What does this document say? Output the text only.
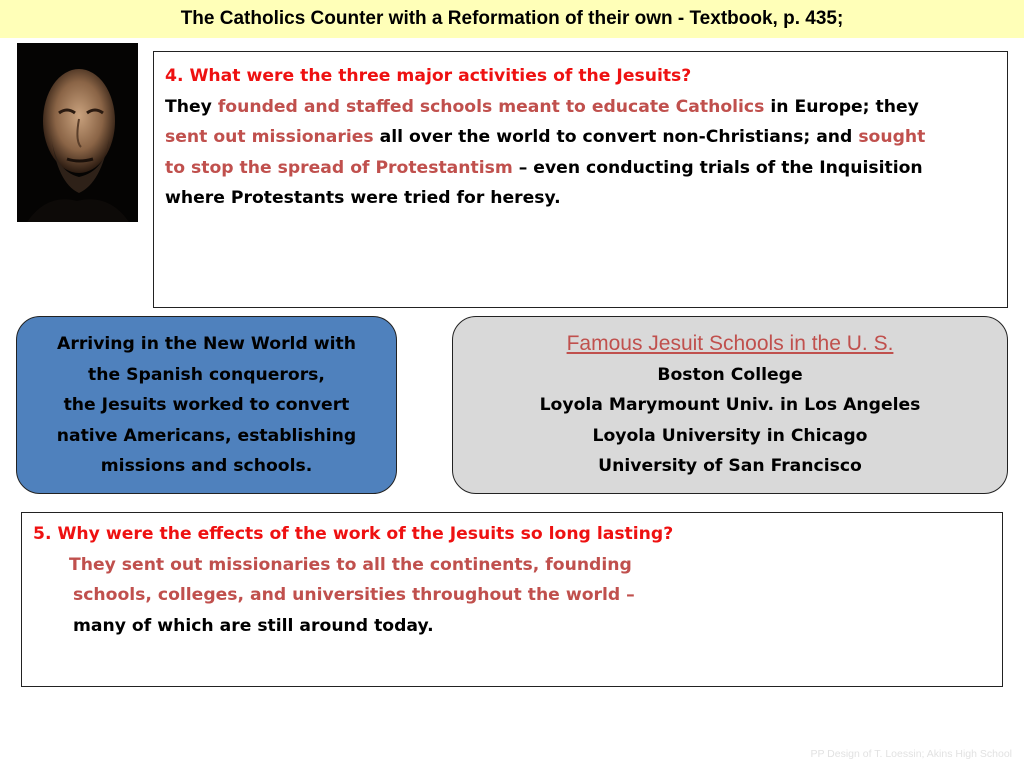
The Catholics Counter with a Reformation of their own - Textbook, p. 435;
4. What were the three major activities of the Jesuits?
They founded and staffed schools meant to educate Catholics in Europe; they
sent out missionaries all over the world to convert non-Christians; and sought
to stop the spread of Protestantism – even conducting trials of the Inquisition
where Protestants were tried for heresy.
Arriving in the New World with
the Spanish conquerors,
the Jesuits worked to convert
native Americans, establishing
missions and schools.
Famous Jesuit Schools in the U. S.
Boston College
Loyola Marymount Univ. in Los Angeles
Loyola University in Chicago
University of San Francisco
5. Why were the effects of the work of the Jesuits so long lasting?
They sent out missionaries to all the continents, founding
schools, colleges, and universities throughout the world –
many of which are still around today.
PP Design of T. Loessin; Akins High School
